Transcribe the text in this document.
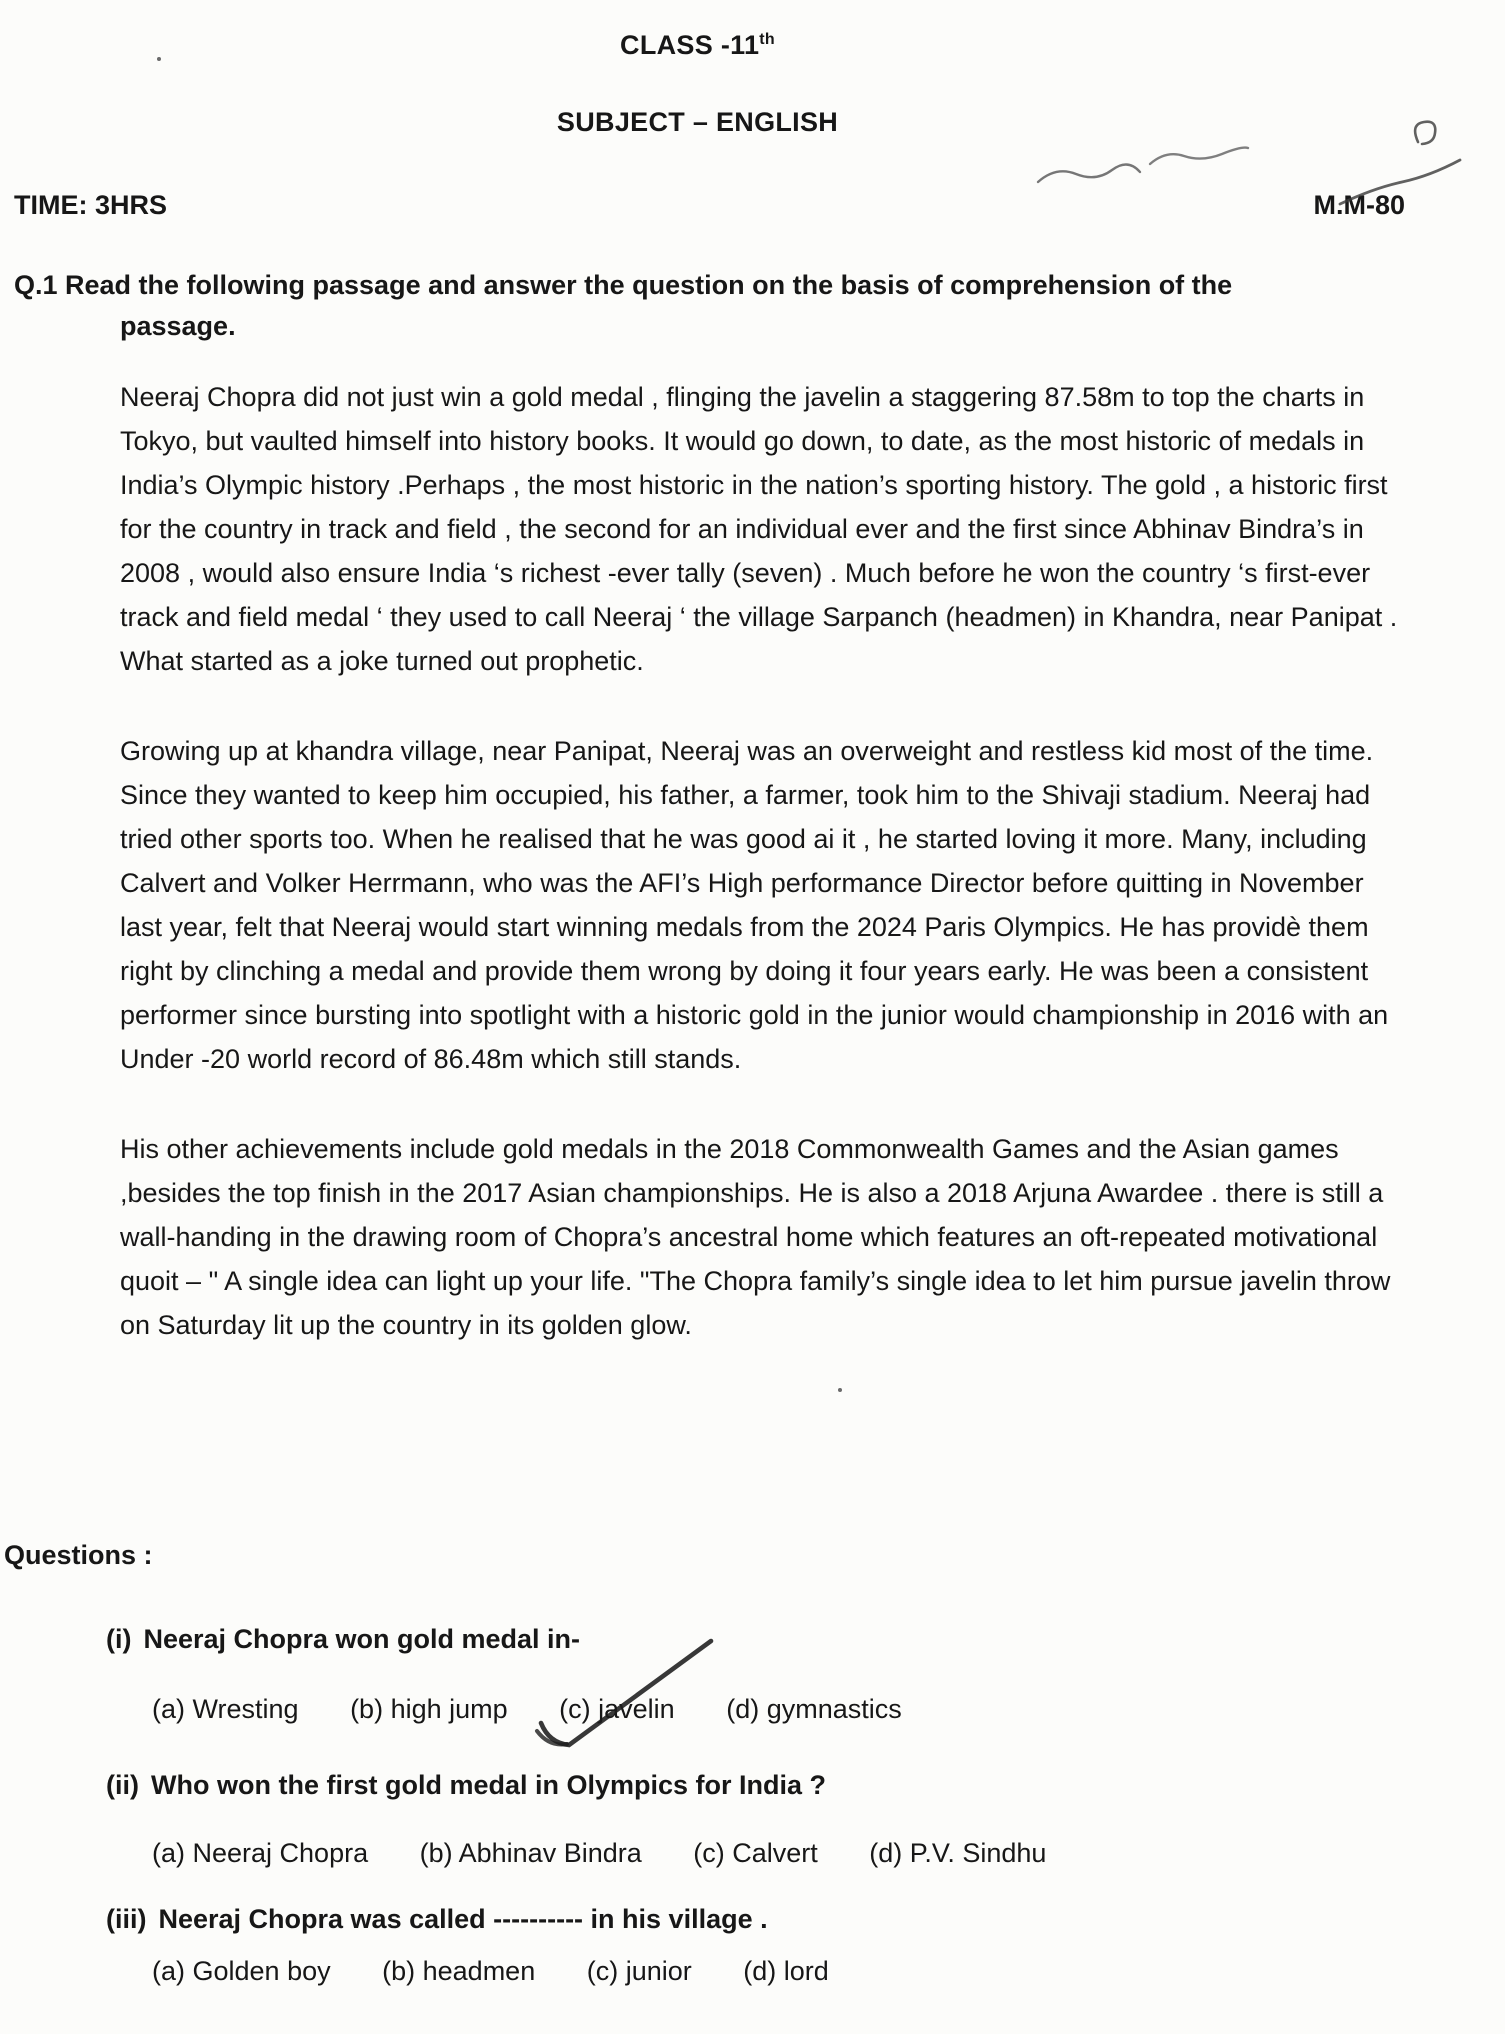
CLASS -11th
SUBJECT – ENGLISH
TIME: 3HRS	M.M-80
Q.1 Read the following passage and answer the question on the basis of comprehension of the
passage.

Neeraj Chopra did not just win a gold medal , flinging the javelin a staggering 87.58m to top the charts in Tokyo, but vaulted himself into history books. It would go down, to date, as the most historic of medals in India’s Olympic history .Perhaps , the most historic in the nation’s sporting history. The gold , a historic first for the country in track and field , the second for an individual ever and the first since Abhinav Bindra’s in 2008 , would also ensure India ‘s richest -ever tally (seven) . Much before he won the country ‘s first-ever track and field medal ‘ they used to call Neeraj ‘ the village Sarpanch (headmen) in Khandra, near Panipat . What started as a joke turned out prophetic.

Growing up at khandra village, near Panipat, Neeraj was an overweight and restless kid most of the time. Since they wanted to keep him occupied, his father, a farmer, took him to the Shivaji stadium. Neeraj had tried other sports too. When he realised that he was good ai it , he started loving it more. Many, including Calvert and Volker Herrmann, who was the AFI’s High performance Director before quitting in November last year, felt that Neeraj would start winning medals from the 2024 Paris Olympics. He has providè them right by clinching a medal and provide them wrong by doing it four years early. He was been a consistent performer since bursting into spotlight with a historic gold in the junior would championship in 2016 with an Under -20 world record of 86.48m which still stands.

His other achievements include gold medals in the 2018 Commonwealth Games and the Asian games ,besides the top finish in the 2017 Asian championships. He is also a 2018 Arjuna Awardee . there is still a wall-handing in the drawing room of Chopra’s ancestral home which features an oft-repeated motivational quoit – " A single idea can light up your life. "The Chopra family’s single idea to let him pursue javelin throw on Saturday lit up the country in its golden glow.

Questions :
(i) Neeraj Chopra won gold medal in-
(a) Wresting (b) high jump (c) javelin (d) gymnastics
(ii) Who won the first gold medal in Olympics for India ?
(a) Neeraj Chopra (b) Abhinav Bindra (c) Calvert (d) P.V. Sindhu
(iii) Neeraj Chopra was called ---------- in his village .
(a) Golden boy (b) headmen (c) junior (d) lord
